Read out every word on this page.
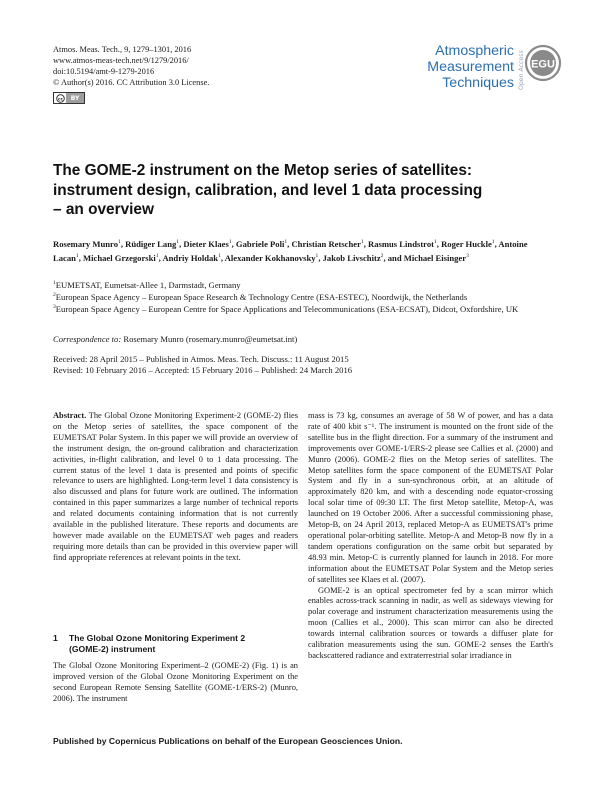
Atmos. Meas. Tech., 9, 1279–1301, 2016
www.atmos-meas-tech.net/9/1279/2016/
doi:10.5194/amt-9-1279-2016
© Author(s) 2016. CC Attribution 3.0 License.
cc	BY
Atmospheric
Measurement
Techniques Open Access EGU
The GOME-2 instrument on the Metop series of satellites:
instrument design, calibration, and level 1 data processing
– an overview
Rosemary Munro$^1$, Rüdiger Lang$^1$, Dieter Klaes$^1$, Gabriele Poli$^1$, Christian Retscher$^1$, Rasmus Lindstrot$^1$, Roger Huckle$^1$, Antoine Lacan$^1$, Michael Grzegorski$^1$, Andriy Holdak$^1$, Alexander Kokhanovsky$^1$, Jakob Livschitz$^2$, and Michael Eisinger$^3$
$^1$EUMETSAT, Eumetsat-Allee 1, Darmstadt, Germany
$^2$European Space Agency – European Space Research & Technology Centre (ESA-ESTEC), Noordwijk, the Netherlands
$^3$European Space Agency – European Centre for Space Applications and Telecommunications (ESA-ECSAT), Didcot, Oxfordshire, UK
Correspondence to: Rosemary Munro (rosemary.munro@eumetsat.int)
Received: 28 April 2015 – Published in Atmos. Meas. Tech. Discuss.: 11 August 2015
Revised: 10 February 2016 – Accepted: 15 February 2016 – Published: 24 March 2016

Abstract. The Global Ozone Monitoring Experiment-2 (GOME-2) flies on the Metop series of satellites, the space component of the EUMETSAT Polar System. In this paper we will provide an overview of the instrument design, the on-ground calibration and characterization activities, in-flight calibration, and level 0 to 1 data processing. The current status of the level 1 data is presented and points of specific relevance to users are highlighted. Long-term level 1 data consistency is also discussed and plans for future work are outlined. The information contained in this paper summarizes a large number of technical reports and related documents containing information that is not currently available in the published literature. These reports and documents are however made available on the EUMETSAT web pages and readers requiring more details than can be provided in this overview paper will find appropriate references at relevant points in the text.

1 The Global Ozone Monitoring Experiment 2
(GOME-2) instrument

The Global Ozone Monitoring Experiment–2 (GOME-2) (Fig. 1) is an improved version of the Global Ozone Monitoring Experiment on the second European Remote Sensing Satellite (GOME-1/ERS-2) (Munro, 2006). The instrument

mass is 73 kg, consumes an average of 58 W of power, and has a data rate of 400 kbit s⁻¹. The instrument is mounted on the front side of the satellite bus in the flight direction. For a summary of the instrument and improvements over GOME-1/ERS-2 please see Callies et al. (2000) and Munro (2006). GOME-2 flies on the Metop series of satellites. The Metop satellites form the space component of the EUMETSAT Polar System and fly in a sun-synchronous orbit, at an altitude of approximately 820 km, and with a descending node equator-crossing local solar time of 09:30 LT. The first Metop satellite, Metop-A, was launched on 19 October 2006. After a successful commissioning phase, Metop-B, on 24 April 2013, replaced Metop-A as EUMETSAT's prime operational polar-orbiting satellite. Metop-A and Metop-B now fly in a tandem operations configuration on the same orbit but separated by 48.93 min. Metop-C is currently planned for launch in 2018. For more information about the EUMETSAT Polar System and the Metop series of satellites see Klaes et al. (2007).

GOME-2 is an optical spectrometer fed by a scan mirror which enables across-track scanning in nadir, as well as sideways viewing for polar coverage and instrument characterization measurements using the moon (Callies et al., 2000). This scan mirror can also be directed towards internal calibration sources or towards a diffuser plate for calibration measurements using the sun. GOME-2 senses the Earth's backscattered radiance and extraterrestrial solar irradiance in

Published by Copernicus Publications on behalf of the European Geosciences Union.
